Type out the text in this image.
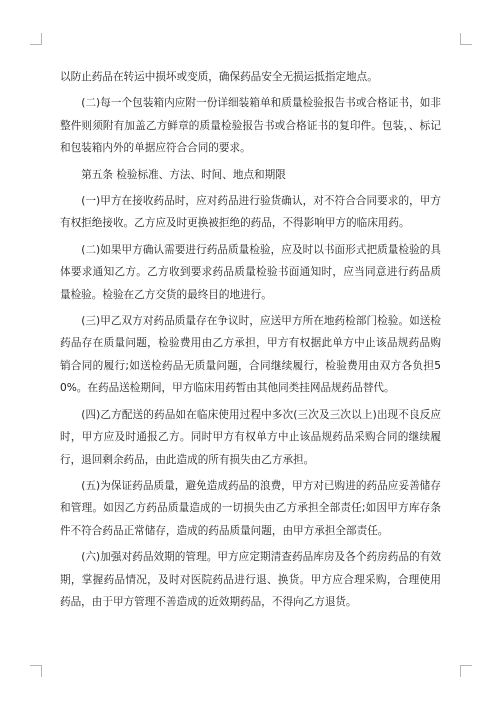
以防止药品在转运中损坏或变质，确保药品安全无损运抵指定地点。

(二)每一个包装箱内应附一份详细装箱单和质量检验报告书或合格证书，如非整件则须附有加盖乙方鲜章的质量检验报告书或合格证书的复印件。包装，、标记和包装箱内外的单据应符合合同的要求。

第五条 检验标准、方法、时间、地点和期限

(一)甲方在接收药品时，应对药品进行验货确认，对不符合合同要求的，甲方有权拒绝接收。乙方应及时更换被拒绝的药品，不得影响甲方的临床用药。

(二)如果甲方确认需要进行药品质量检验，应及时以书面形式把质量检验的具体要求通知乙方。乙方收到要求药品质量检验书面通知时，应当同意进行药品质量检验。检验在乙方交货的最终目的地进行。

(三)甲乙双方对药品质量存在争议时，应送甲方所在地药检部门检验。如送检药品存在质量问题，检验费用由乙方承担，甲方有权据此单方中止该品规药品购销合同的履行;如送检药品无质量问题，合同继续履行，检验费用由双方各负担50%。在药品送检期间，甲方临床用药暂由其他同类挂网品规药品替代。

(四)乙方配送的药品如在临床使用过程中多次(三次及三次以上)出现不良反应时，甲方应及时通报乙方。同时甲方有权单方中止该品规药品采购合同的继续履行，退回剩余药品，由此造成的所有损失由乙方承担。

(五)为保证药品质量，避免造成药品的浪费，甲方对已购进的药品应妥善储存和管理。如因乙方药品质量造成的一切损失由乙方承担全部责任;如因甲方库存条件不符合药品正常储存，造成的药品质量问题，由甲方承担全部责任。

(六)加强对药品效期的管理。甲方应定期清查药品库房及各个药房药品的有效期，掌握药品情况，及时对医院药品进行退、换货。甲方应合理采购，合理使用药品，由于甲方管理不善造成的近效期药品，不得向乙方退货。
